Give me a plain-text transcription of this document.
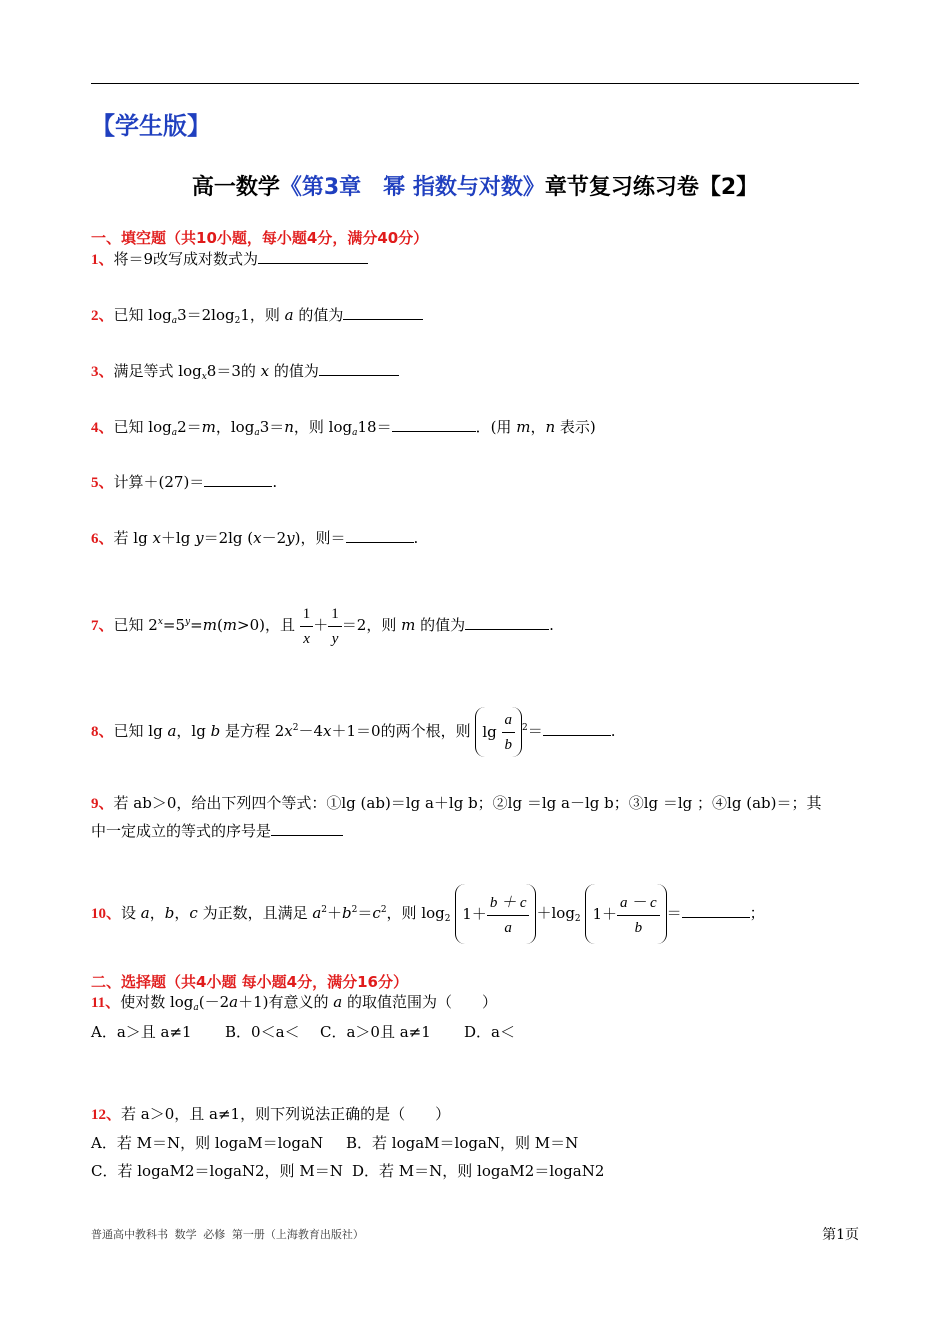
【学生版】
高一数学《第3章　幂 指数与对数》章节复习练习卷【2】
一、填空题（共10小题，每小题4分，满分40分）
1、将＝9改写成对数式为
2、已知 $\log_a3=2\log_21$，则 a 的值为
3、满足等式 $\log_x8=3$的 x 的值为
4、已知 $\log_a2=m$，$\log_a3=n$，则 $\log_a18=$	．(用 m，n 表示)
5、计算＋(27)＝	.
6、若 lg x＋lg y＝2lg (x－2y)，则＝	.
7、已知 $2^x=5^y=m(m>0)$，且 $\frac{1}{x} + \frac{1}{y} =2$，则 m 的值为	.
8、已知 lg a，lg b 是方程 $2x^2-4x+1=0$的两个根，则 $\lg \frac{a}{b} ^2=$	.
9、若 ab＞0，给出下列四个等式：①lg (ab)＝lg a＋lg b；②lg ＝lg a－lg b；③lg ＝lg ；④lg (ab)＝；其
中一定成立的等式的序号是
10、设 a，b，c 为正数，且满足 $a^2+b^2=c^2$，则 $\log_2 1+ \frac{b + c}{a} +\log_2$ $1+ \frac{a - c}{b}$ ＝	；
二、选择题（共4小题 每小题4分，满分16分）
11、使对数 $\log_a(-2a+1)$有意义的 a 的取值范围为（　　）
A．a＞且 a≠1 B．0＜a＜ C．a＞0且 a≠1 D．a＜
12、若 a＞0，且 a≠1，则下列说法正确的是（　　）
A．若 M＝N，则 logaM＝logaN B．若 logaM＝logaN，则 M＝N
C．若 logaM2＝logaN2，则 M＝N D．若 M＝N，则 logaM2＝logaN2
普通高中教科书 数学 必修 第一册（上海教育出版社）	第1页
